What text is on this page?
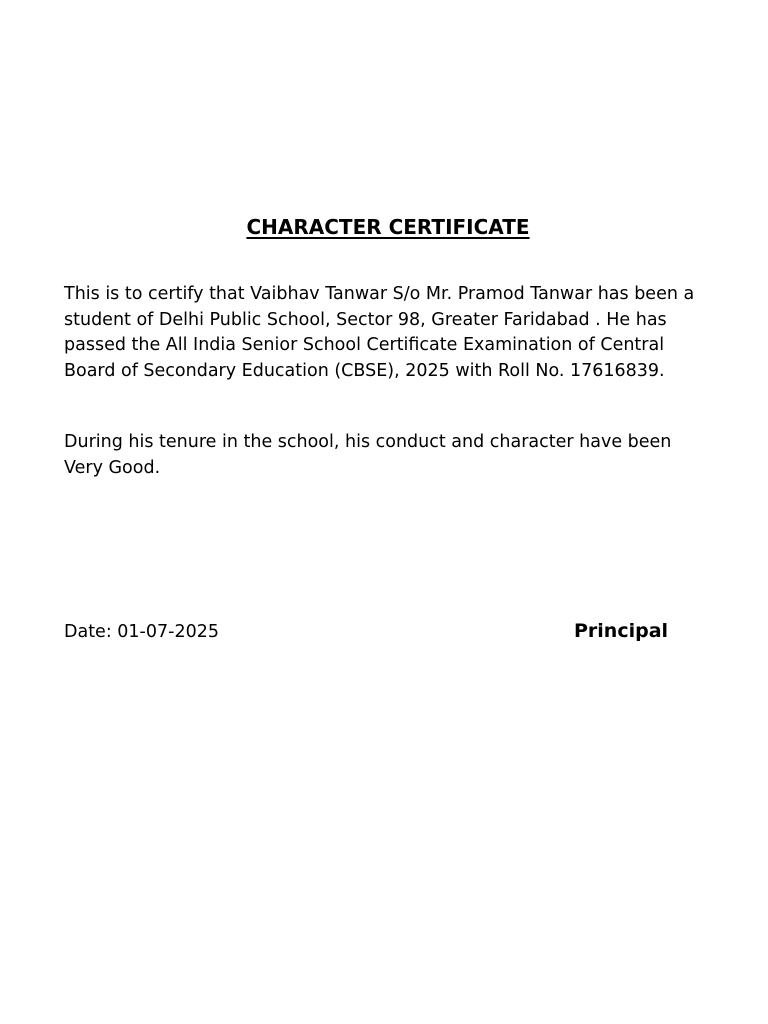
CHARACTER CERTIFICATE

This is to certify that Vaibhav Tanwar S/o Mr. Pramod Tanwar has been a student of Delhi Public School, Sector 98, Greater Faridabad . He has passed the All India Senior School Certificate Examination of Central Board of Secondary Education (CBSE), 2025 with Roll No. 17616839.

During his tenure in the school, his conduct and character have been Very Good.

Date: 01-07-2025	Principal
